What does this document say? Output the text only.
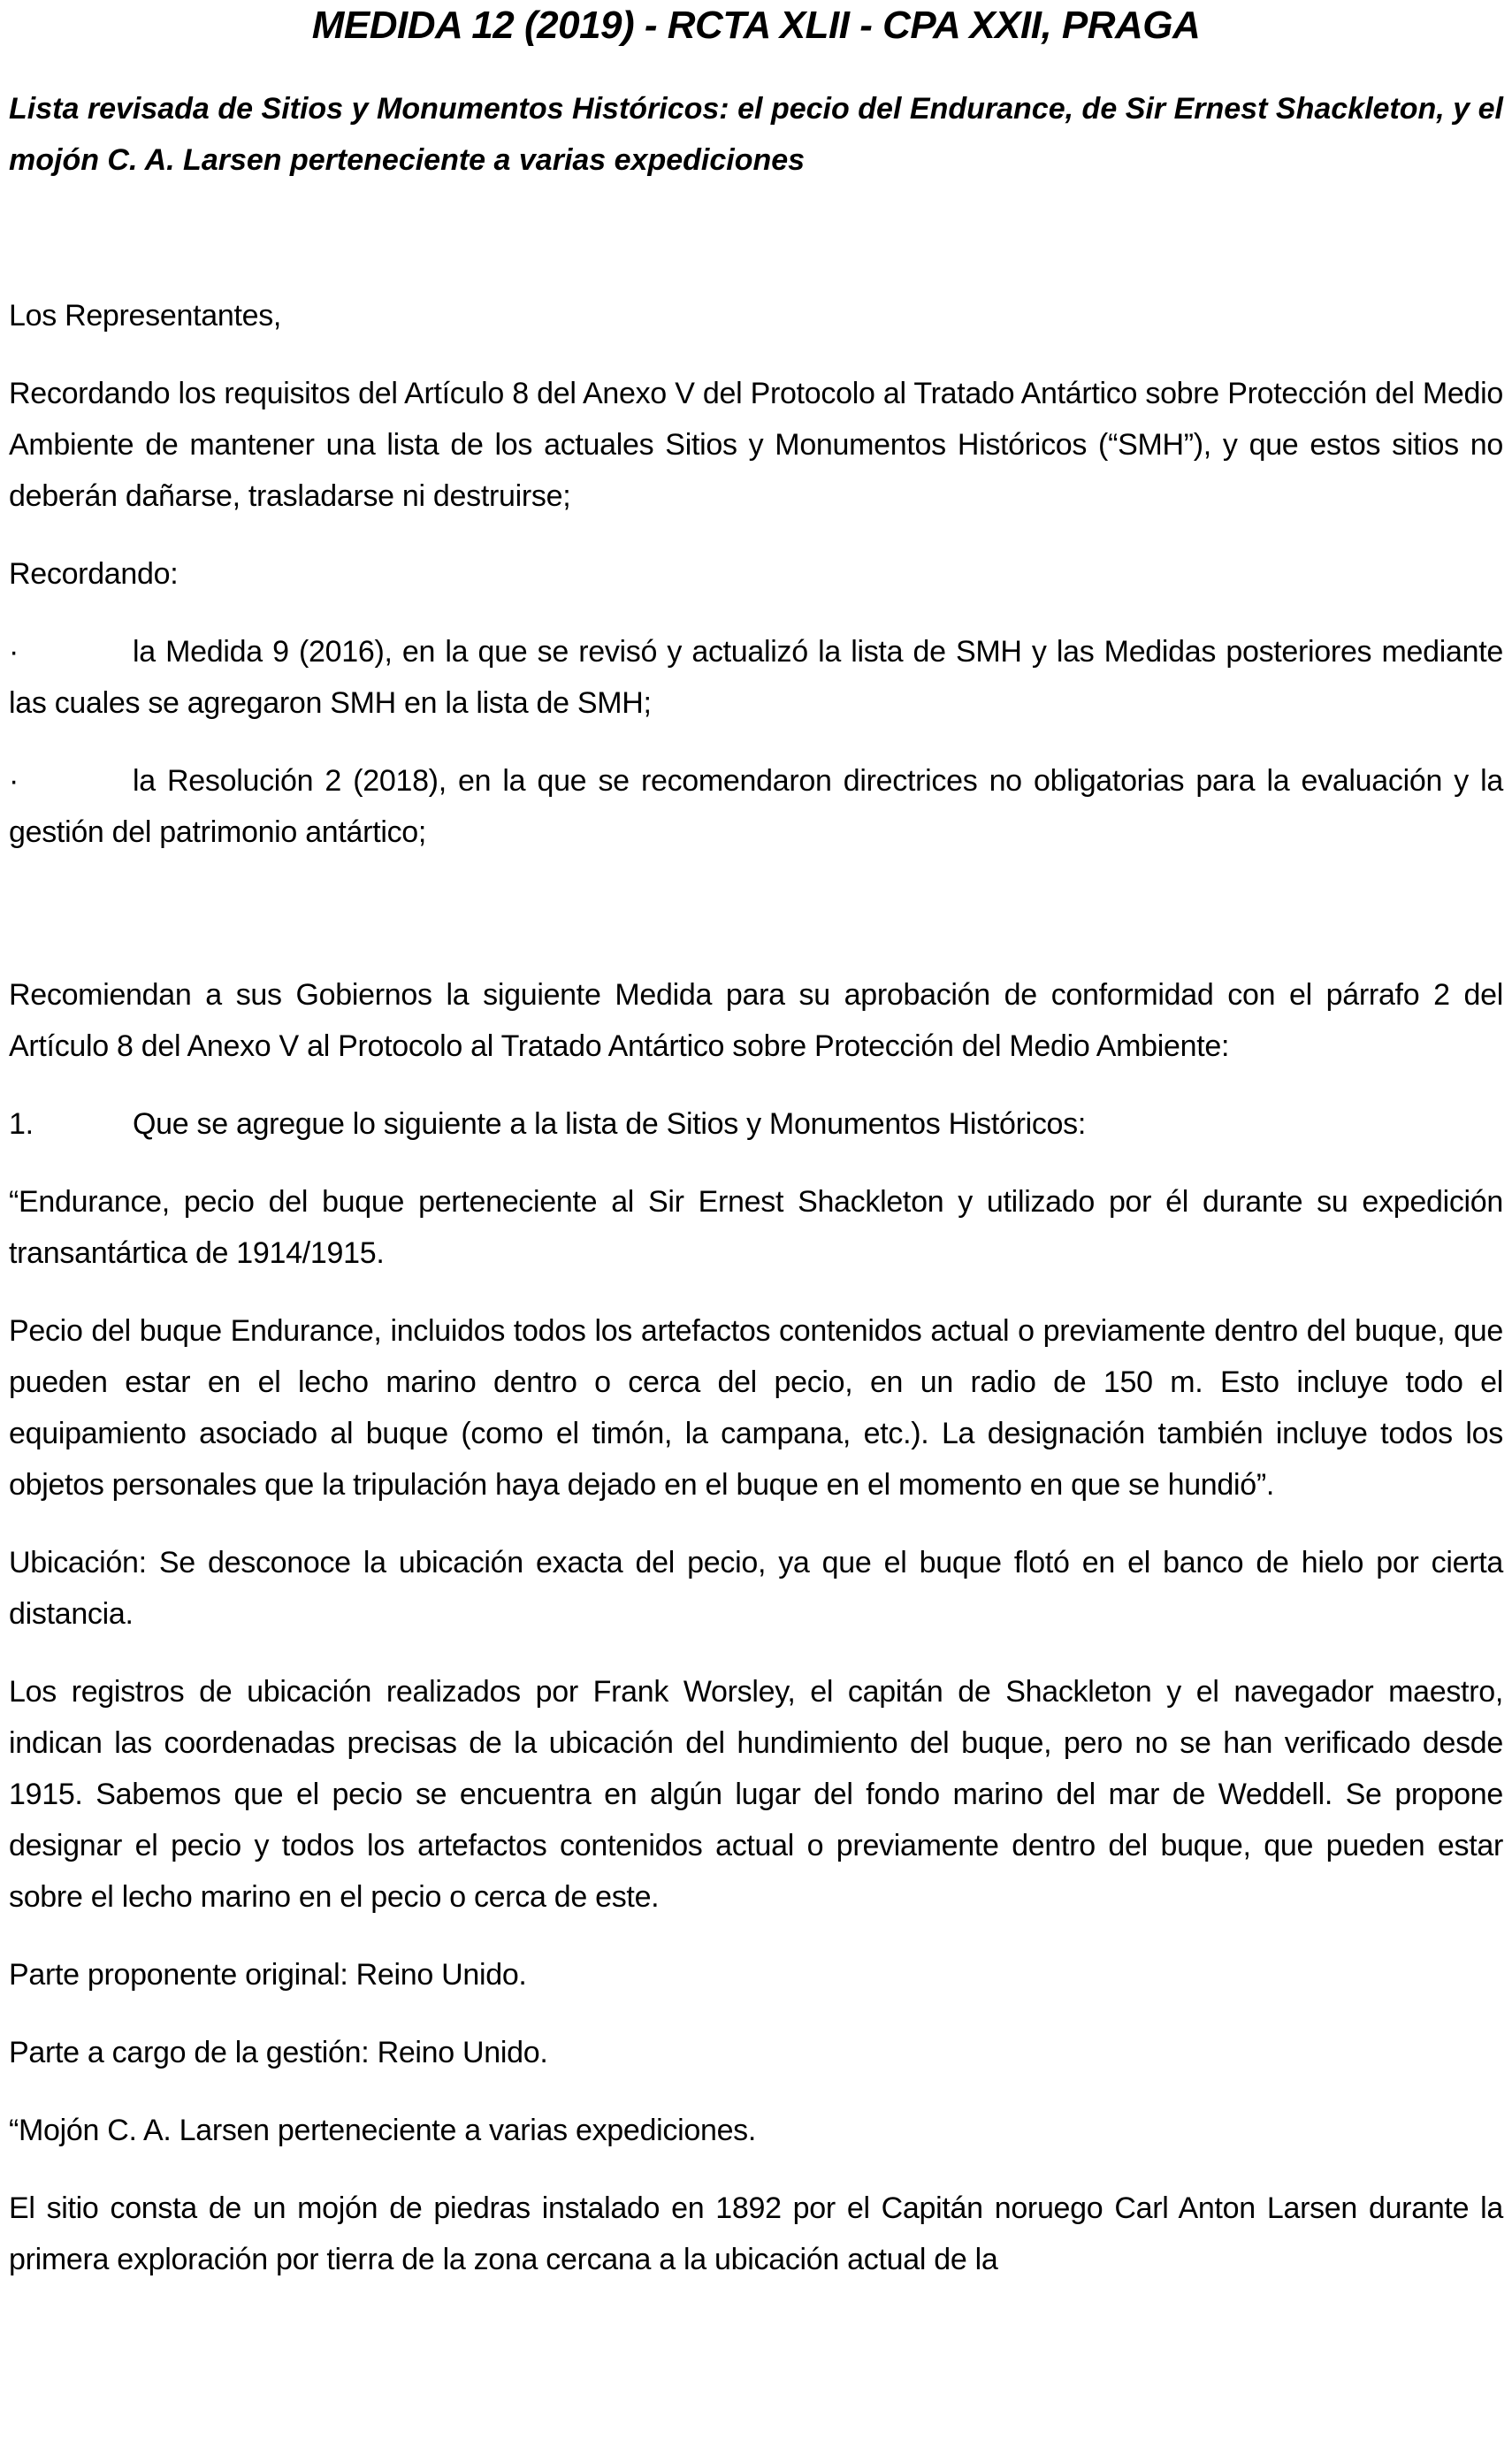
MEDIDA 12 (2019) - RCTA XLII - CPA XXII, PRAGA
Lista revisada de Sitios y Monumentos Históricos: el pecio del Endurance, de Sir Ernest Shackleton, y el mojón C. A. Larsen perteneciente a varias expediciones

Los Representantes,

Recordando los requisitos del Artículo 8 del Anexo V del Protocolo al Tratado Antártico sobre Protección del Medio Ambiente de mantener una lista de los actuales Sitios y Monumentos Históricos (“SMH”), y que estos sitios no deberán dañarse, trasladarse ni destruirse;

Recordando:

·	la Medida 9 (2016), en la que se revisó y actualizó la lista de SMH y las Medidas posteriores mediante las cuales se agregaron SMH en la lista de SMH;

·	la Resolución 2 (2018), en la que se recomendaron directrices no obligatorias para la evaluación y la gestión del patrimonio antártico;

Recomiendan a sus Gobiernos la siguiente Medida para su aprobación de conformidad con el párrafo 2 del Artículo 8 del Anexo V al Protocolo al Tratado Antártico sobre Protección del Medio Ambiente:

1.	Que se agregue lo siguiente a la lista de Sitios y Monumentos Históricos:

“Endurance, pecio del buque perteneciente al Sir Ernest Shackleton y utilizado por él durante su expedición transantártica de 1914/1915.

Pecio del buque Endurance, incluidos todos los artefactos contenidos actual o previamente dentro del buque, que pueden estar en el lecho marino dentro o cerca del pecio, en un radio de 150 m. Esto incluye todo el equipamiento asociado al buque (como el timón, la campana, etc.). La designación también incluye todos los objetos personales que la tripulación haya dejado en el buque en el momento en que se hundió”.

Ubicación: Se desconoce la ubicación exacta del pecio, ya que el buque flotó en el banco de hielo por cierta distancia.

Los registros de ubicación realizados por Frank Worsley, el capitán de Shackleton y el navegador maestro, indican las coordenadas precisas de la ubicación del hundimiento del buque, pero no se han verificado desde 1915. Sabemos que el pecio se encuentra en algún lugar del fondo marino del mar de Weddell. Se propone designar el pecio y todos los artefactos contenidos actual o previamente dentro del buque, que pueden estar sobre el lecho marino en el pecio o cerca de este.

Parte proponente original: Reino Unido.

Parte a cargo de la gestión: Reino Unido.

“Mojón C. A. Larsen perteneciente a varias expediciones.

El sitio consta de un mojón de piedras instalado en 1892 por el Capitán noruego Carl Anton Larsen durante la primera exploración por tierra de la zona cercana a la ubicación actual de la
